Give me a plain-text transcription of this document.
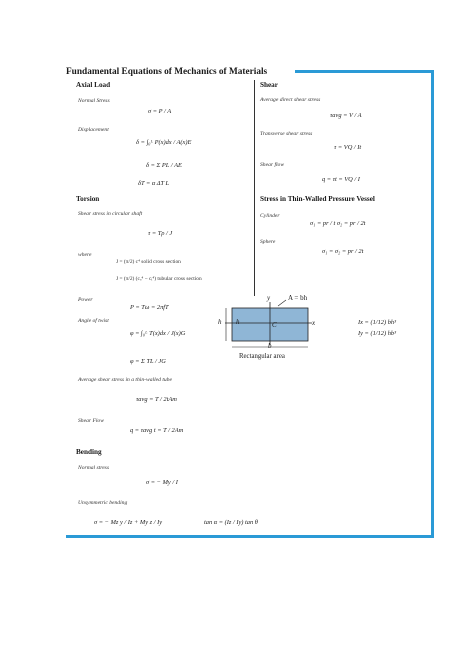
Fundamental Equations of Mechanics of Materials
Axial Load
Normal Stress
σ = P / A
Displacement
δ = ∫₀ᴸ P(x)dx / A(x)E
δ = Σ PL / AE
δT = α ΔT L
Shear
Average direct shear stress
τavg = V / A
Transverse shear stress
τ = VQ / It
Shear flow
q = τt = VQ / I
Stress in Thin-Walled Pressure Vessel
Cylinder
σ₁ = pr / t σ₂ = pr / 2t
Sphere
σ₁ = σ₂ = pr / 2t
Torsion
Shear stress in circular shaft
τ = Tρ / J
where
J = (π/2) c⁴ solid cross section
J = (π/2) (cₒ⁴ − cᵢ⁴) tubular cross section
Power
P = Tω = 2πfT
Angle of twist
φ = ∫₀ᴸ T(x)dx / J(x)G
φ = Σ TL / JG
Average shear stress in a thin-walled tube
τavg = T / 2tAm
Shear Flow
q = τavg t = T / 2Am
Bending
Normal stress
σ = − My / I
Unsymmetric bending
σ = − Mz y / Iz + My z / Iy	tan α = (Iz / Iy) tan θ
y	A = bh
x
C
h h
b
Rectangular area
Ix = (1/12) bh³
Iy = (1/12) hb³
